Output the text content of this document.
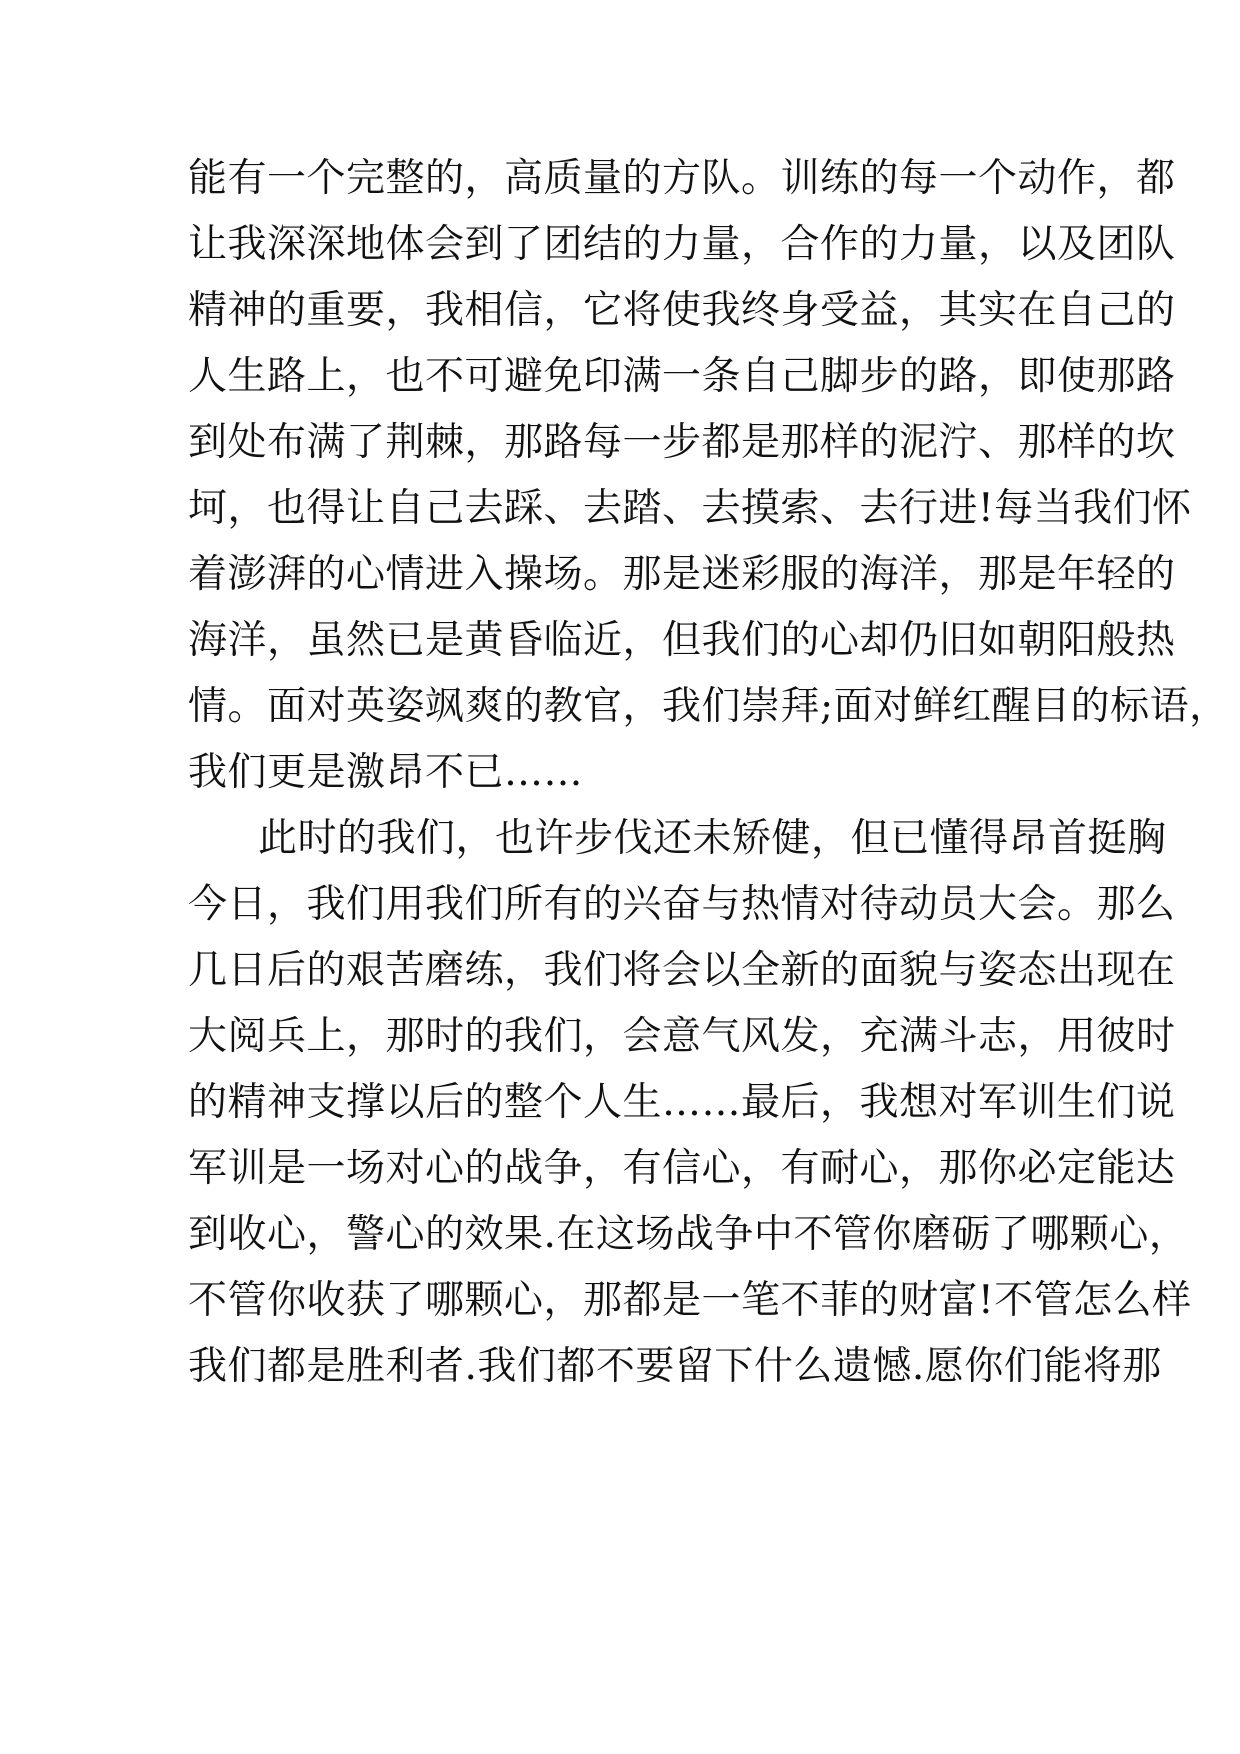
能有一个完整的，高质量的方队。训练的每一个动作，都
让我深深地体会到了团结的力量，合作的力量，以及团队
精神的重要，我相信，它将使我终身受益，其实在自己的
人生路上，也不可避免印满一条自己脚步的路，即使那路
到处布满了荆棘，那路每一步都是那样的泥泞、那样的坎
坷，也得让自己去踩、去踏、去摸索、去行进!每当我们怀
着澎湃的心情进入操场。那是迷彩服的海洋，那是年轻的
海洋，虽然已是黄昏临近，但我们的心却仍旧如朝阳般热
情。面对英姿飒爽的教官，我们崇拜;面对鲜红醒目的标语，
我们更是激昂不已……
此时的我们，也许步伐还未矫健，但已懂得昂首挺胸
今日，我们用我们所有的兴奋与热情对待动员大会。那么
几日后的艰苦磨练，我们将会以全新的面貌与姿态出现在
大阅兵上，那时的我们，会意气风发，充满斗志，用彼时
的精神支撑以后的整个人生……最后，我想对军训生们说
军训是一场对心的战争，有信心，有耐心，那你必定能达
到收心，警心的效果.在这场战争中不管你磨砺了哪颗心，
不管你收获了哪颗心，那都是一笔不菲的财富!不管怎么样
我们都是胜利者.我们都不要留下什么遗憾.愿你们能将那
